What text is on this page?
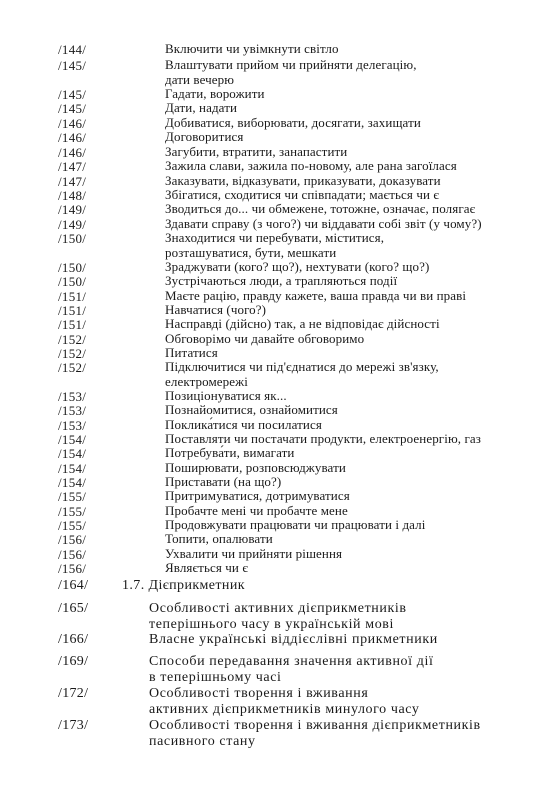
/144/	Включити чи увімкнути світло
/145/	Влаштувати прийом чи прийняти делегацію,
дати вечерю
/145/	Гадати, ворожити
/145/	Дати, надати
/146/	Добиватися, виборювати, досягати, захищати
/146/	Договоритися
/146/	Загубити, втратити, занапастити
/147/	Зажила слави, зажила по-новому, але рана загоїлася
/147/	Заказувати, відказувати, приказувати, доказувати
/148/	Збігатися, сходитися чи співпадати; мається чи є
/149/	Зводиться до... чи обмежене, тотожне, означає, полягає
/149/	Здавати справу (з чого?) чи віддавати собі звіт (у чому?)
/150/	Знаходитися чи перебувати, міститися,
розташуватися, бути, мешкати
/150/	Зраджувати (кого? що?), нехтувати (кого? що?)
/150/	Зустрічаються люди, а трапляються події
/151/	Маєте рацію, правду кажете, ваша правда чи ви праві
/151/	Навчатися (чого?)
/151/	Насправді (дійсно) так, а не відповідає дійсності
/152/	Обговорімо чи давайте обговоримо
/152/	Питатися
/152/	Підключитися чи під'єднатися до мережі зв'язку,
електромережі
/153/	Позиціонуватися як...
/153/	Познайомитися, ознайомитися
/153/	Поклика́тися чи посилатися
/154/	Поставляти чи постачати продукти, електроенергію, газ
/154/	Потребува́ти, вимагати
/154/	Поширювати, розповсюджувати
/154/	Приставати (на що?)
/155/	Притримуватися, дотримуватися
/155/	Пробачте мені чи пробачте мене
/155/	Продовжувати працювати чи працювати і далі
/156/	Топити, опалювати
/156/	Ухвалити чи прийняти рішення
/156/	Являється чи є
/164/ 1.7. Дієприкметник
/165/	Особливості активних дієприкметників
теперішнього часу в українській мові
/166/	Власне українські віддієслівні прикметники
/169/	Способи передавання значення активної дії
в теперішньому часі
/172/	Особливості творення і вживання
активних дієприкметників минулого часу
/173/	Особливості творення і вживання дієприкметників
пасивного стану
